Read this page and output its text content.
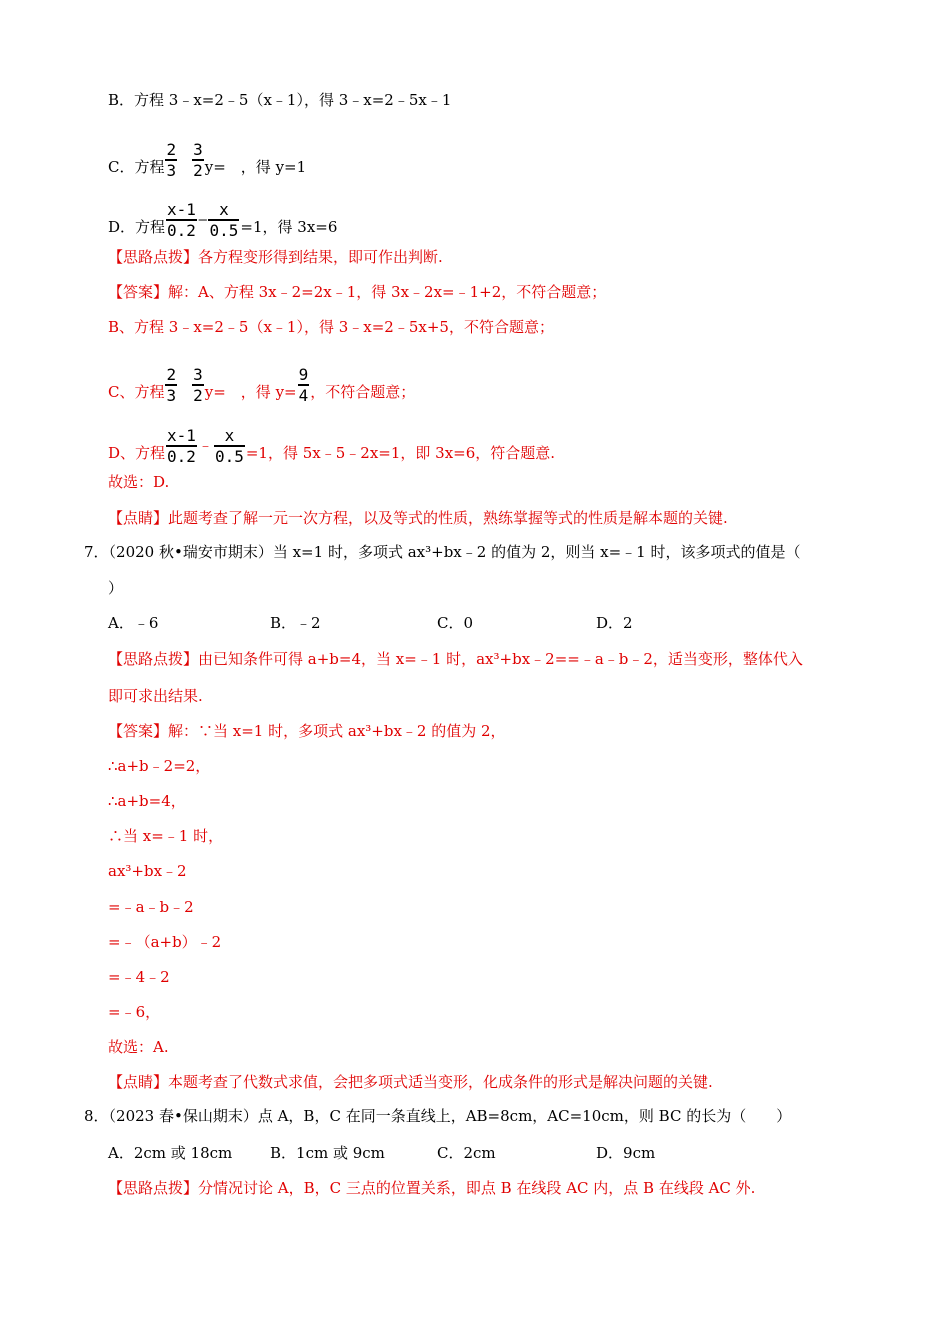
B．方程 3﹣x=2﹣5（x﹣1），得 3﹣x=2﹣5x﹣1
C．方程 $\frac{2}{3} \frac{3}{2} y=$　，得 y=1
D．方程 $\frac{x-1}{0.2}$ ‒ $\frac{x}{0.5} =1$，得 3x=6
【思路点拨】各方程变形得到结果，即可作出判断.
【答案】解：A、方程 3x﹣2=2x﹣1，得 3x﹣2x=﹣1+2，不符合题意；
B、方程 3﹣x=2﹣5（x﹣1），得 3﹣x=2﹣5x+5，不符合题意；
C、方程 $\frac{2}{3} \frac{3}{2} y=$　，得 $y= \frac{9}{4}$ ，不符合题意；
D、方程 $\frac{x-1}{0.2}$ ﹣ $\frac{x}{0.5} =1$，得 5x﹣5﹣2x=1，即 3x=6，符合题意.
故选：D.
【点睛】此题考查了解一元一次方程，以及等式的性质，熟练掌握等式的性质是解本题的关键.
7．（2020 秋•瑞安市期末）当 x=1 时，多项式 ax³+bx﹣2 的值为 2，则当 x=﹣1 时，该多项式的值是（
）
A．﹣6	B．﹣2	C．0	D．2
【思路点拨】由已知条件可得 a+b=4，当 x=﹣1 时，ax³+bx﹣2==﹣a﹣b﹣2，适当变形，整体代入
即可求出结果.
【答案】解：∵当 x=1 时，多项式 ax³+bx﹣2 的值为 2，
∴a+b﹣2=2，
∴a+b=4，
∴当 x=﹣1 时，
ax³+bx﹣2
=﹣a﹣b﹣2
=﹣（a+b）﹣2
=﹣4﹣2
=﹣6，
故选：A.
【点睛】本题考查了代数式求值，会把多项式适当变形，化成条件的形式是解决问题的关键.
8．（2023 春•保山期末）点 A，B，C 在同一条直线上，AB=8cm，AC=10cm，则 BC 的长为（　　）
A．2cm 或 18cm	B．1cm 或 9cm	C．2cm	D．9cm
【思路点拨】分情况讨论 A，B，C 三点的位置关系，即点 B 在线段 AC 内，点 B 在线段 AC 外.
